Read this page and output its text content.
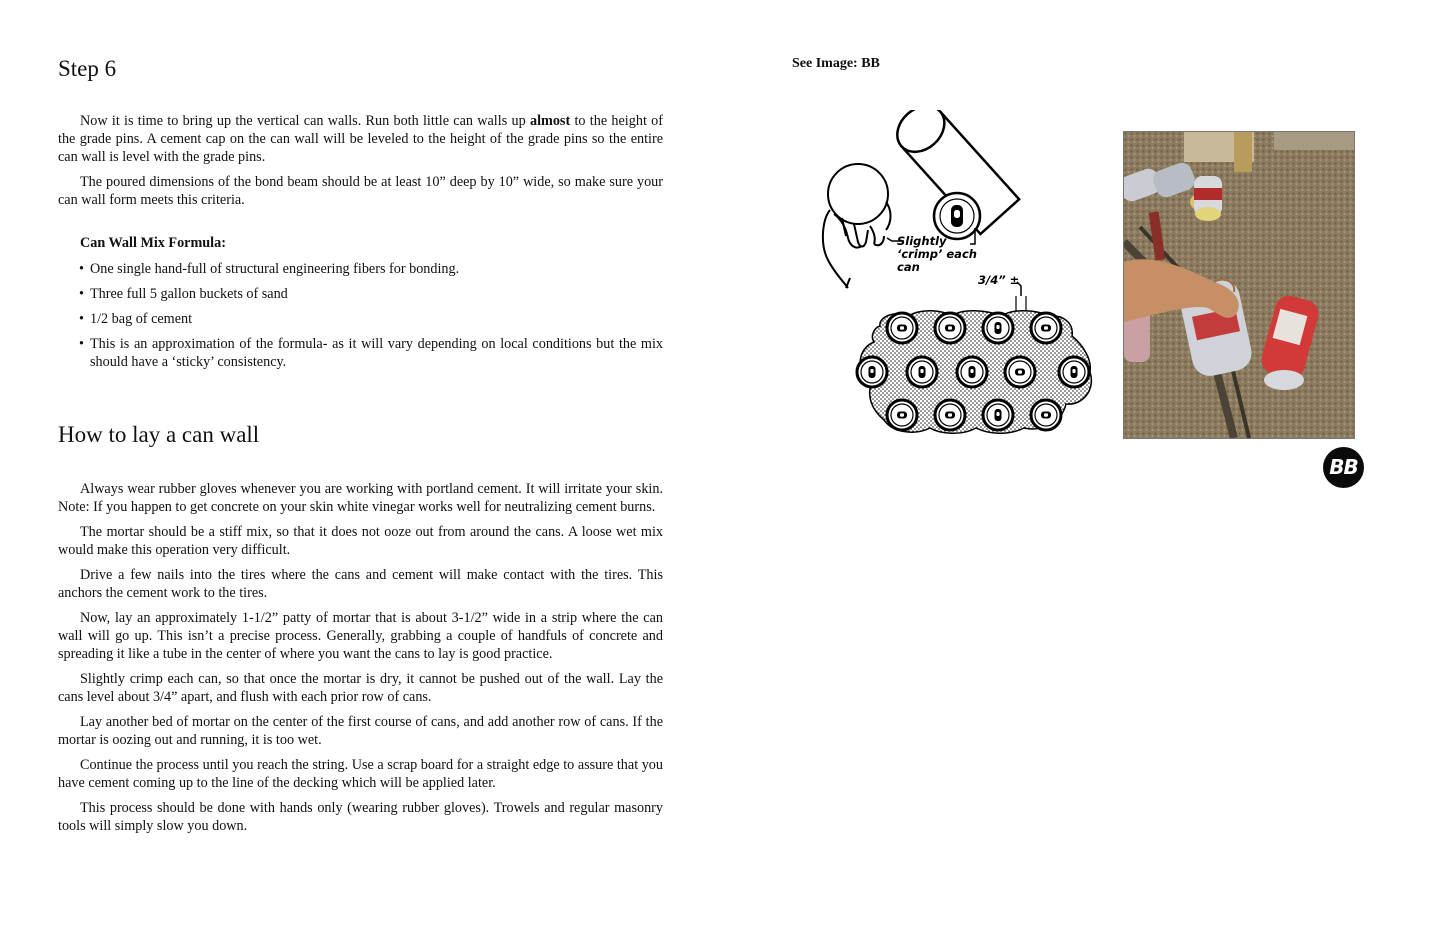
Step 6

Now it is time to bring up the vertical can walls. Run both little can walls up almost to the height of the grade pins. A cement cap on the can wall will be leveled to the height of the grade pins so the entire can wall is level with the grade pins.

The poured dimensions of the bond beam should be at least 10” deep by 10” wide, so make sure your can wall form meets this criteria.

Can Wall Mix Formula:
• One single hand-full of structural engineering fibers for bonding.
• Three full 5 gallon buckets of sand
• 1/2 bag of cement
• This is an approximation of the formula- as it will vary depending on local conditions but the mix should have a ‘sticky’ consistency.
How to lay a can wall

Always wear rubber gloves whenever you are working with portland cement. It will irritate your skin. Note: If you happen to get concrete on your skin white vinegar works well for neutralizing cement burns.

The mortar should be a stiff mix, so that it does not ooze out from around the cans. A loose wet mix would make this operation very difficult.

Drive a few nails into the tires where the cans and cement will make contact with the tires. This anchors the cement work to the tires.

Now, lay an approximately 1-1/2” patty of mortar that is about 3-1/2” wide in a strip where the can wall will go up. This isn’t a precise process. Generally, grabbing a couple of handfuls of concrete and spreading it like a tube in the center of where you want the cans to lay is good practice.

Slightly crimp each can, so that once the mortar is dry, it cannot be pushed out of the wall. Lay the cans level about 3/4” apart, and flush with each prior row of cans.

Lay another bed of mortar on the center of the first course of cans, and add another row of cans. If the mortar is oozing out and running, it is too wet.

Continue the process until you reach the string. Use a scrap board for a straight edge to assure that you have cement coming up to the line of the decking which will be applied later.

This process should be done with hands only (wearing rubber gloves). Trowels and regular masonry tools will simply slow you down.

See Image: BB
Slightly
‘crimp’ each
can
3/4” ±
BB
